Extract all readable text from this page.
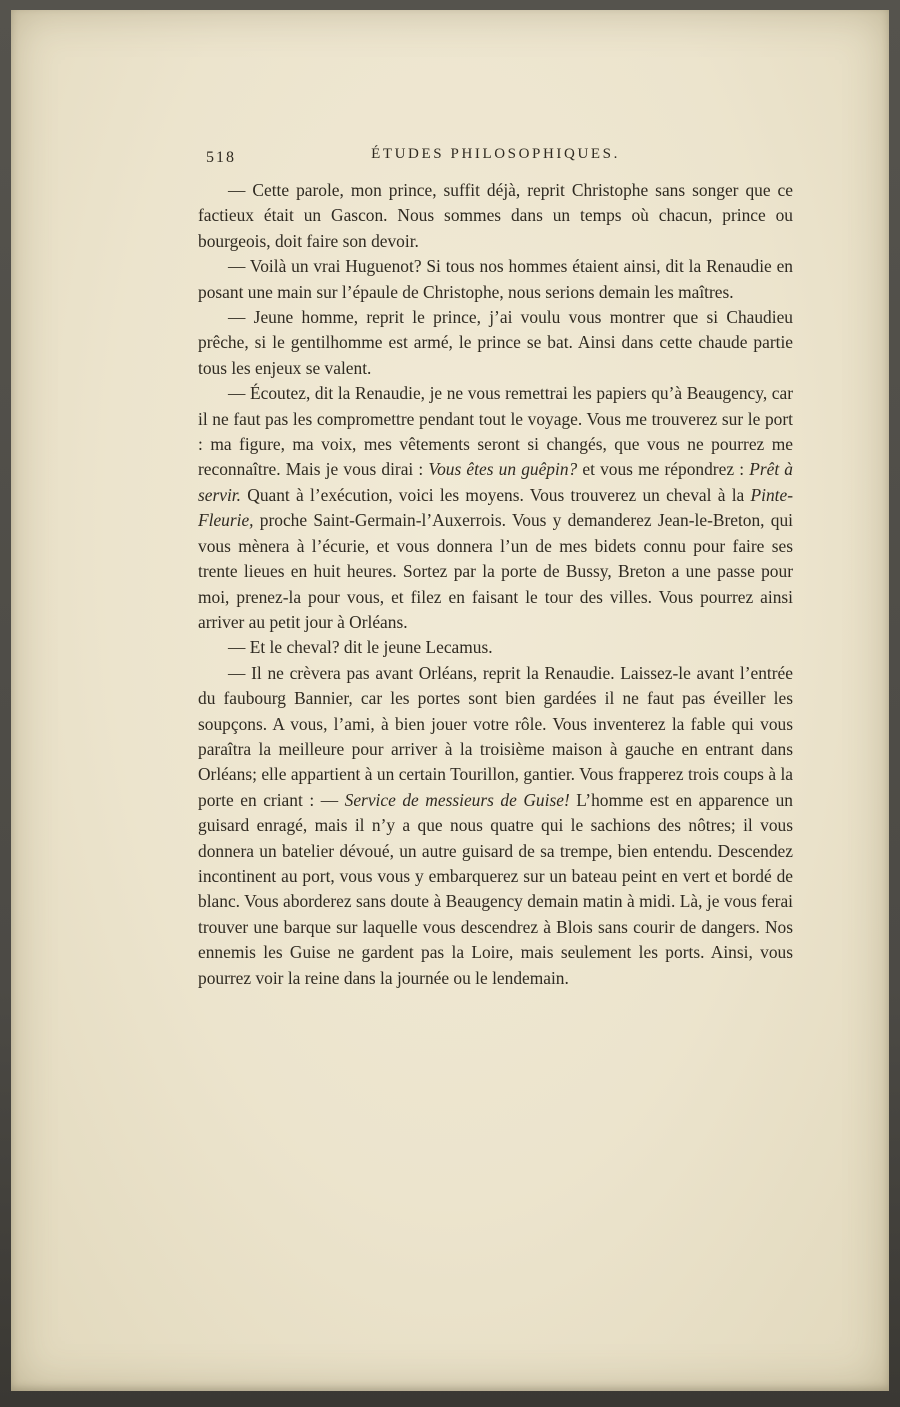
518	ÉTUDES PHILOSOPHIQUES.

— Cette parole, mon prince, suffit déjà, reprit Christophe sans songer que ce factieux était un Gascon. Nous sommes dans un temps où chacun, prince ou bourgeois, doit faire son devoir.

— Voilà un vrai Huguenot? Si tous nos hommes étaient ainsi, dit la Renaudie en posant une main sur l’épaule de Christophe, nous serions demain les maîtres.

— Jeune homme, reprit le prince, j’ai voulu vous montrer que si Chaudieu prêche, si le gentilhomme est armé, le prince se bat. Ainsi dans cette chaude partie tous les enjeux se valent.

— Écoutez, dit la Renaudie, je ne vous remettrai les papiers qu’à Beaugency, car il ne faut pas les compromettre pendant tout le voyage. Vous me trouverez sur le port : ma figure, ma voix, mes vêtements seront si changés, que vous ne pourrez me reconnaître. Mais je vous dirai : Vous êtes un guêpin? et vous me répondrez : Prêt à servir. Quant à l’exécution, voici les moyens. Vous trouverez un cheval à la Pinte-Fleurie, proche Saint-Germain-l’Auxerrois. Vous y demanderez Jean-le-Breton, qui vous mènera à l’écurie, et vous donnera l’un de mes bidets connu pour faire ses trente lieues en huit heures. Sortez par la porte de Bussy, Breton a une passe pour moi, prenez-la pour vous, et filez en faisant le tour des villes. Vous pourrez ainsi arriver au petit jour à Orléans.

— Et le cheval? dit le jeune Lecamus.

— Il ne crèvera pas avant Orléans, reprit la Renaudie. Laissez-le avant l’entrée du faubourg Bannier, car les portes sont bien gardées il ne faut pas éveiller les soupçons. A vous, l’ami, à bien jouer votre rôle. Vous inventerez la fable qui vous paraîtra la meilleure pour arriver à la troisième maison à gauche en entrant dans Orléans; elle appartient à un certain Tourillon, gantier. Vous frapperez trois coups à la porte en criant : — Service de messieurs de Guise! L’homme est en apparence un guisard enragé, mais il n’y a que nous quatre qui le sachions des nôtres; il vous donnera un batelier dévoué, un autre guisard de sa trempe, bien entendu. Descendez incontinent au port, vous vous y embarquerez sur un bateau peint en vert et bordé de blanc. Vous aborderez sans doute à Beaugency demain matin à midi. Là, je vous ferai trouver une barque sur laquelle vous descendrez à Blois sans courir de dangers. Nos ennemis les Guise ne gardent pas la Loire, mais seulement les ports. Ainsi, vous pourrez voir la reine dans la journée ou le lendemain.
